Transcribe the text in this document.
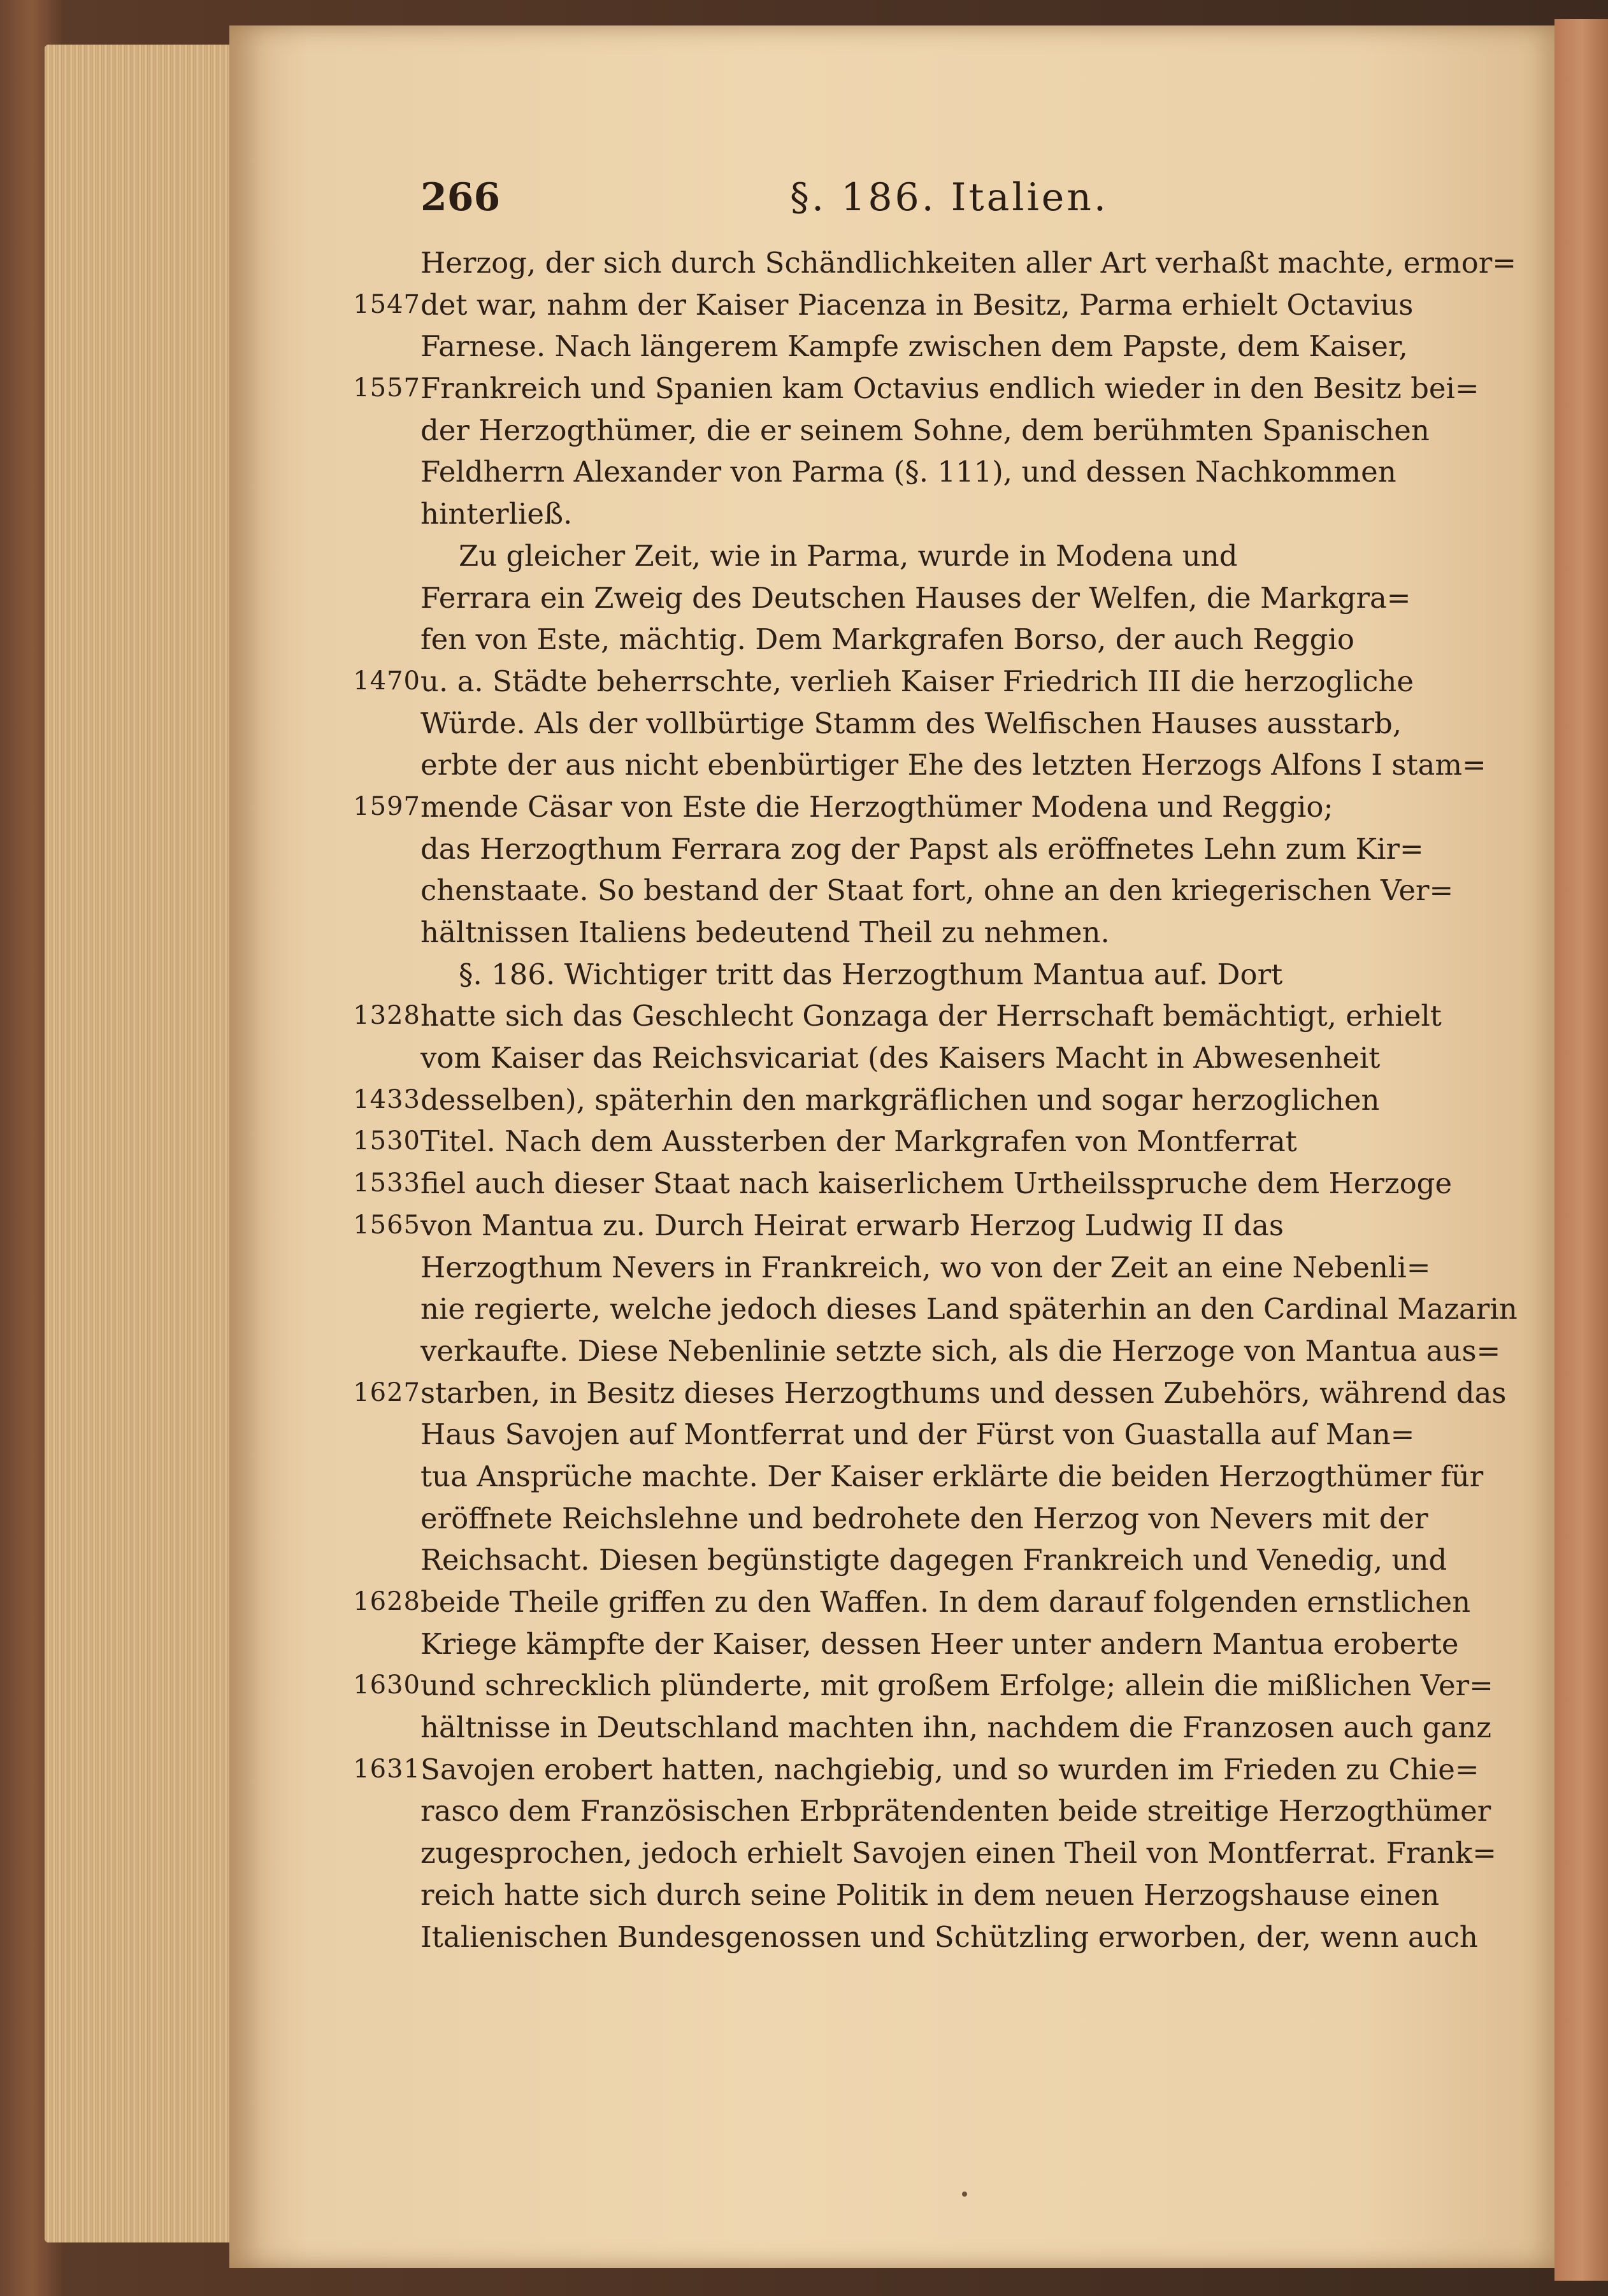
266	§. 186. Italien.
Herzog, der sich durch Schändlichkeiten aller Art verhaßt machte, ermor=
1547 det war, nahm der Kaiser Piacenza in Besitz, Parma erhielt Octavius
Farnese. Nach längerem Kampfe zwischen dem Papste, dem Kaiser,
1557 Frankreich und Spanien kam Octavius endlich wieder in den Besitz bei=
der Herzogthümer, die er seinem Sohne, dem berühmten Spanischen
Feldherrn Alexander von Parma (§. 111), und dessen Nachkommen
hinterließ.
Zu gleicher Zeit, wie in Parma, wurde in Modena und
Ferrara ein Zweig des Deutschen Hauses der Welfen, die Markgra=
fen von Este, mächtig. Dem Markgrafen Borso, der auch Reggio
1470 u. a. Städte beherrschte, verlieh Kaiser Friedrich III die herzogliche
Würde. Als der vollbürtige Stamm des Welfischen Hauses ausstarb,
erbte der aus nicht ebenbürtiger Ehe des letzten Herzogs Alfons I stam=
1597 mende Cäsar von Este die Herzogthümer Modena und Reggio;
das Herzogthum Ferrara zog der Papst als eröffnetes Lehn zum Kir=
chenstaate. So bestand der Staat fort, ohne an den kriegerischen Ver=
hältnissen Italiens bedeutend Theil zu nehmen.
§. 186. Wichtiger tritt das Herzogthum Mantua auf. Dort
1328 hatte sich das Geschlecht Gonzaga der Herrschaft bemächtigt, erhielt
vom Kaiser das Reichsvicariat (des Kaisers Macht in Abwesenheit
1433 desselben), späterhin den markgräflichen und sogar herzoglichen
1530 Titel. Nach dem Aussterben der Markgrafen von Montferrat
1533 fiel auch dieser Staat nach kaiserlichem Urtheilsspruche dem Herzoge
1565 von Mantua zu. Durch Heirat erwarb Herzog Ludwig II das
Herzogthum Nevers in Frankreich, wo von der Zeit an eine Nebenli=
nie regierte, welche jedoch dieses Land späterhin an den Cardinal Mazarin
verkaufte. Diese Nebenlinie setzte sich, als die Herzoge von Mantua aus=
1627 starben, in Besitz dieses Herzogthums und dessen Zubehörs, während das
Haus Savojen auf Montferrat und der Fürst von Guastalla auf Man=
tua Ansprüche machte. Der Kaiser erklärte die beiden Herzogthümer für
eröffnete Reichslehne und bedrohete den Herzog von Nevers mit der
Reichsacht. Diesen begünstigte dagegen Frankreich und Venedig, und
1628 beide Theile griffen zu den Waffen. In dem darauf folgenden ernstlichen
Kriege kämpfte der Kaiser, dessen Heer unter andern Mantua eroberte
1630 und schrecklich plünderte, mit großem Erfolge; allein die mißlichen Ver=
hältnisse in Deutschland machten ihn, nachdem die Franzosen auch ganz
1631 Savojen erobert hatten, nachgiebig, und so wurden im Frieden zu Chie=
rasco dem Französischen Erbprätendenten beide streitige Herzogthümer
zugesprochen, jedoch erhielt Savojen einen Theil von Montferrat. Frank=
reich hatte sich durch seine Politik in dem neuen Herzogshause einen
Italienischen Bundesgenossen und Schützling erworben, der, wenn auch
